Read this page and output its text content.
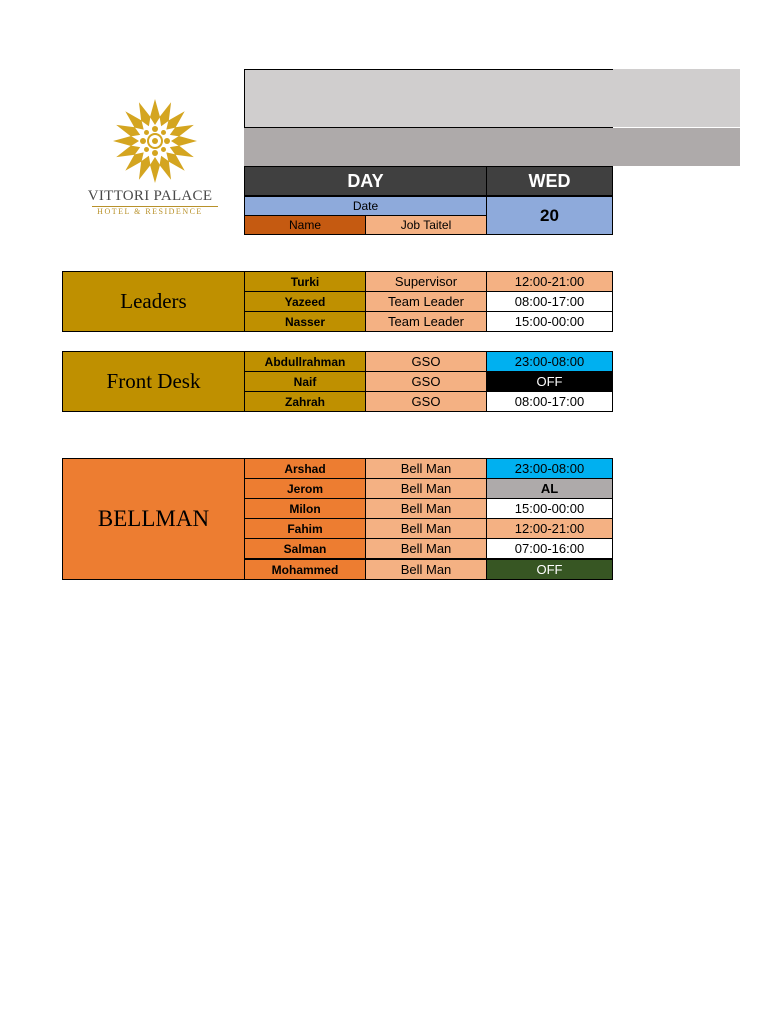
VITTORI PALACE
HOTEL & RESIDENCE
DAY	WED
Date	20
Name	Job Taitel
Leaders
Turki	Supervisor	12:00-21:00
Yazeed	Team Leader	08:00-17:00
Nasser	Team Leader	15:00-00:00
Front Desk
Abdullrahman	GSO	23:00-08:00
Naif	GSO	OFF
Zahrah	GSO	08:00-17:00
BELLMAN
Arshad	Bell Man	23:00-08:00
Jerom	Bell Man	AL
Milon	Bell Man	15:00-00:00
Fahim	Bell Man	12:00-21:00
Salman	Bell Man	07:00-16:00
Mohammed	Bell Man	OFF
